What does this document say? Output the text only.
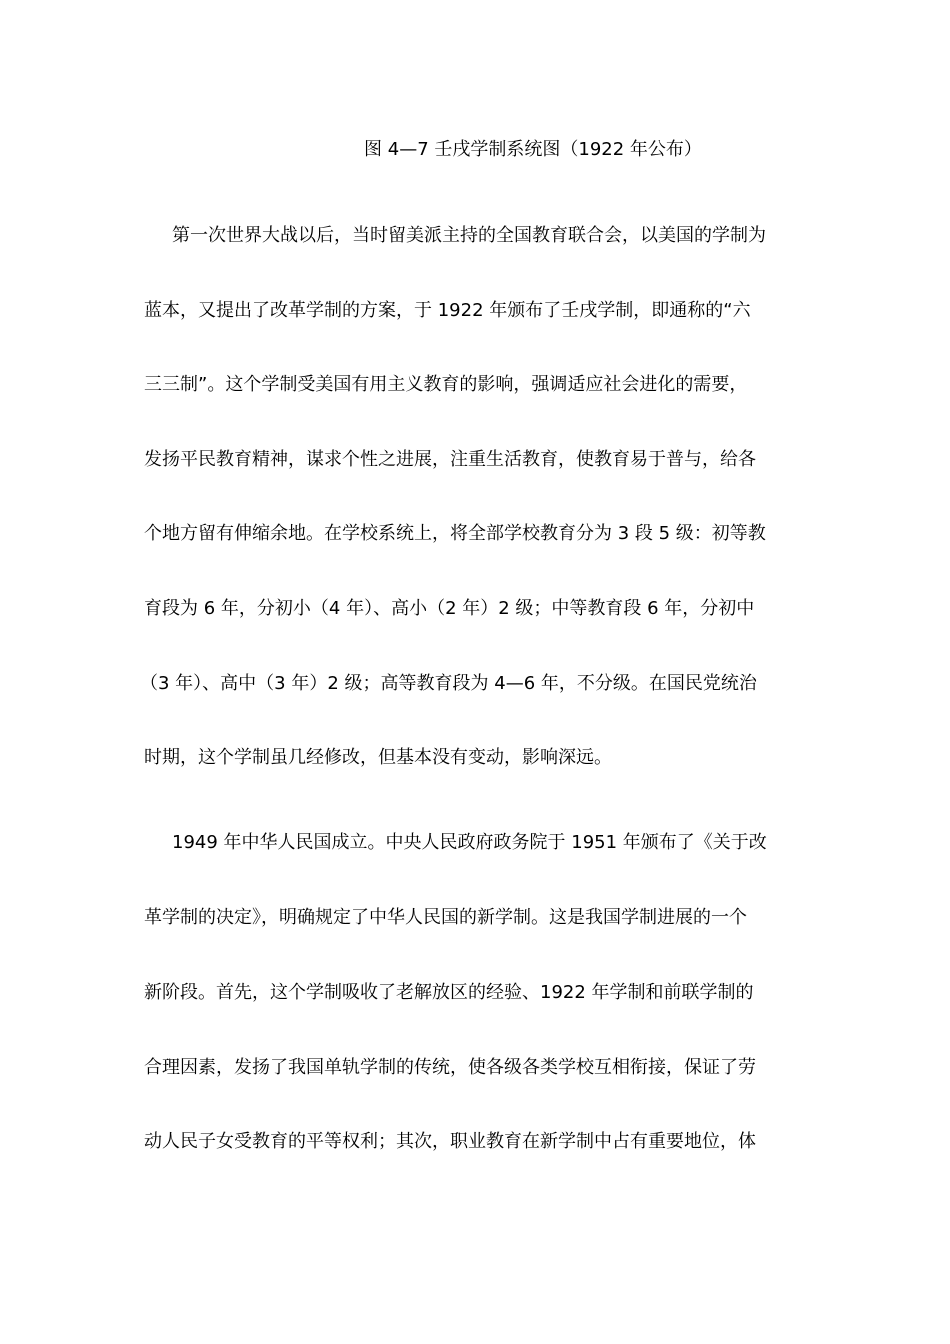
图 4—7 壬戌学制系统图（1922 年公布）
第一次世界大战以后，当时留美派主持的全国教育联合会，以美国的学制为
蓝本，又提出了改革学制的方案，于 1922 年颁布了壬戌学制，即通称的“六
三三制”。这个学制受美国有用主义教育的影响，强调适应社会进化的需要，
发扬平民教育精神，谋求个性之进展，注重生活教育，使教育易于普与，给各
个地方留有伸缩余地。在学校系统上，将全部学校教育分为 3 段 5 级：初等教
育段为 6 年，分初小（4 年）、高小（2 年）2 级；中等教育段 6 年，分初中
（3 年）、高中（3 年）2 级；高等教育段为 4—6 年，不分级。在国民党统治
时期，这个学制虽几经修改，但基本没有变动，影响深远。
1949 年中华人民国成立。中央人民政府政务院于 1951 年颁布了《关于改
革学制的决定》，明确规定了中华人民国的新学制。这是我国学制进展的一个
新阶段。首先，这个学制吸收了老解放区的经验、1922 年学制和前联学制的
合理因素，发扬了我国单轨学制的传统，使各级各类学校互相衔接，保证了劳
动人民子女受教育的平等权利；其次，职业教育在新学制中占有重要地位，体
